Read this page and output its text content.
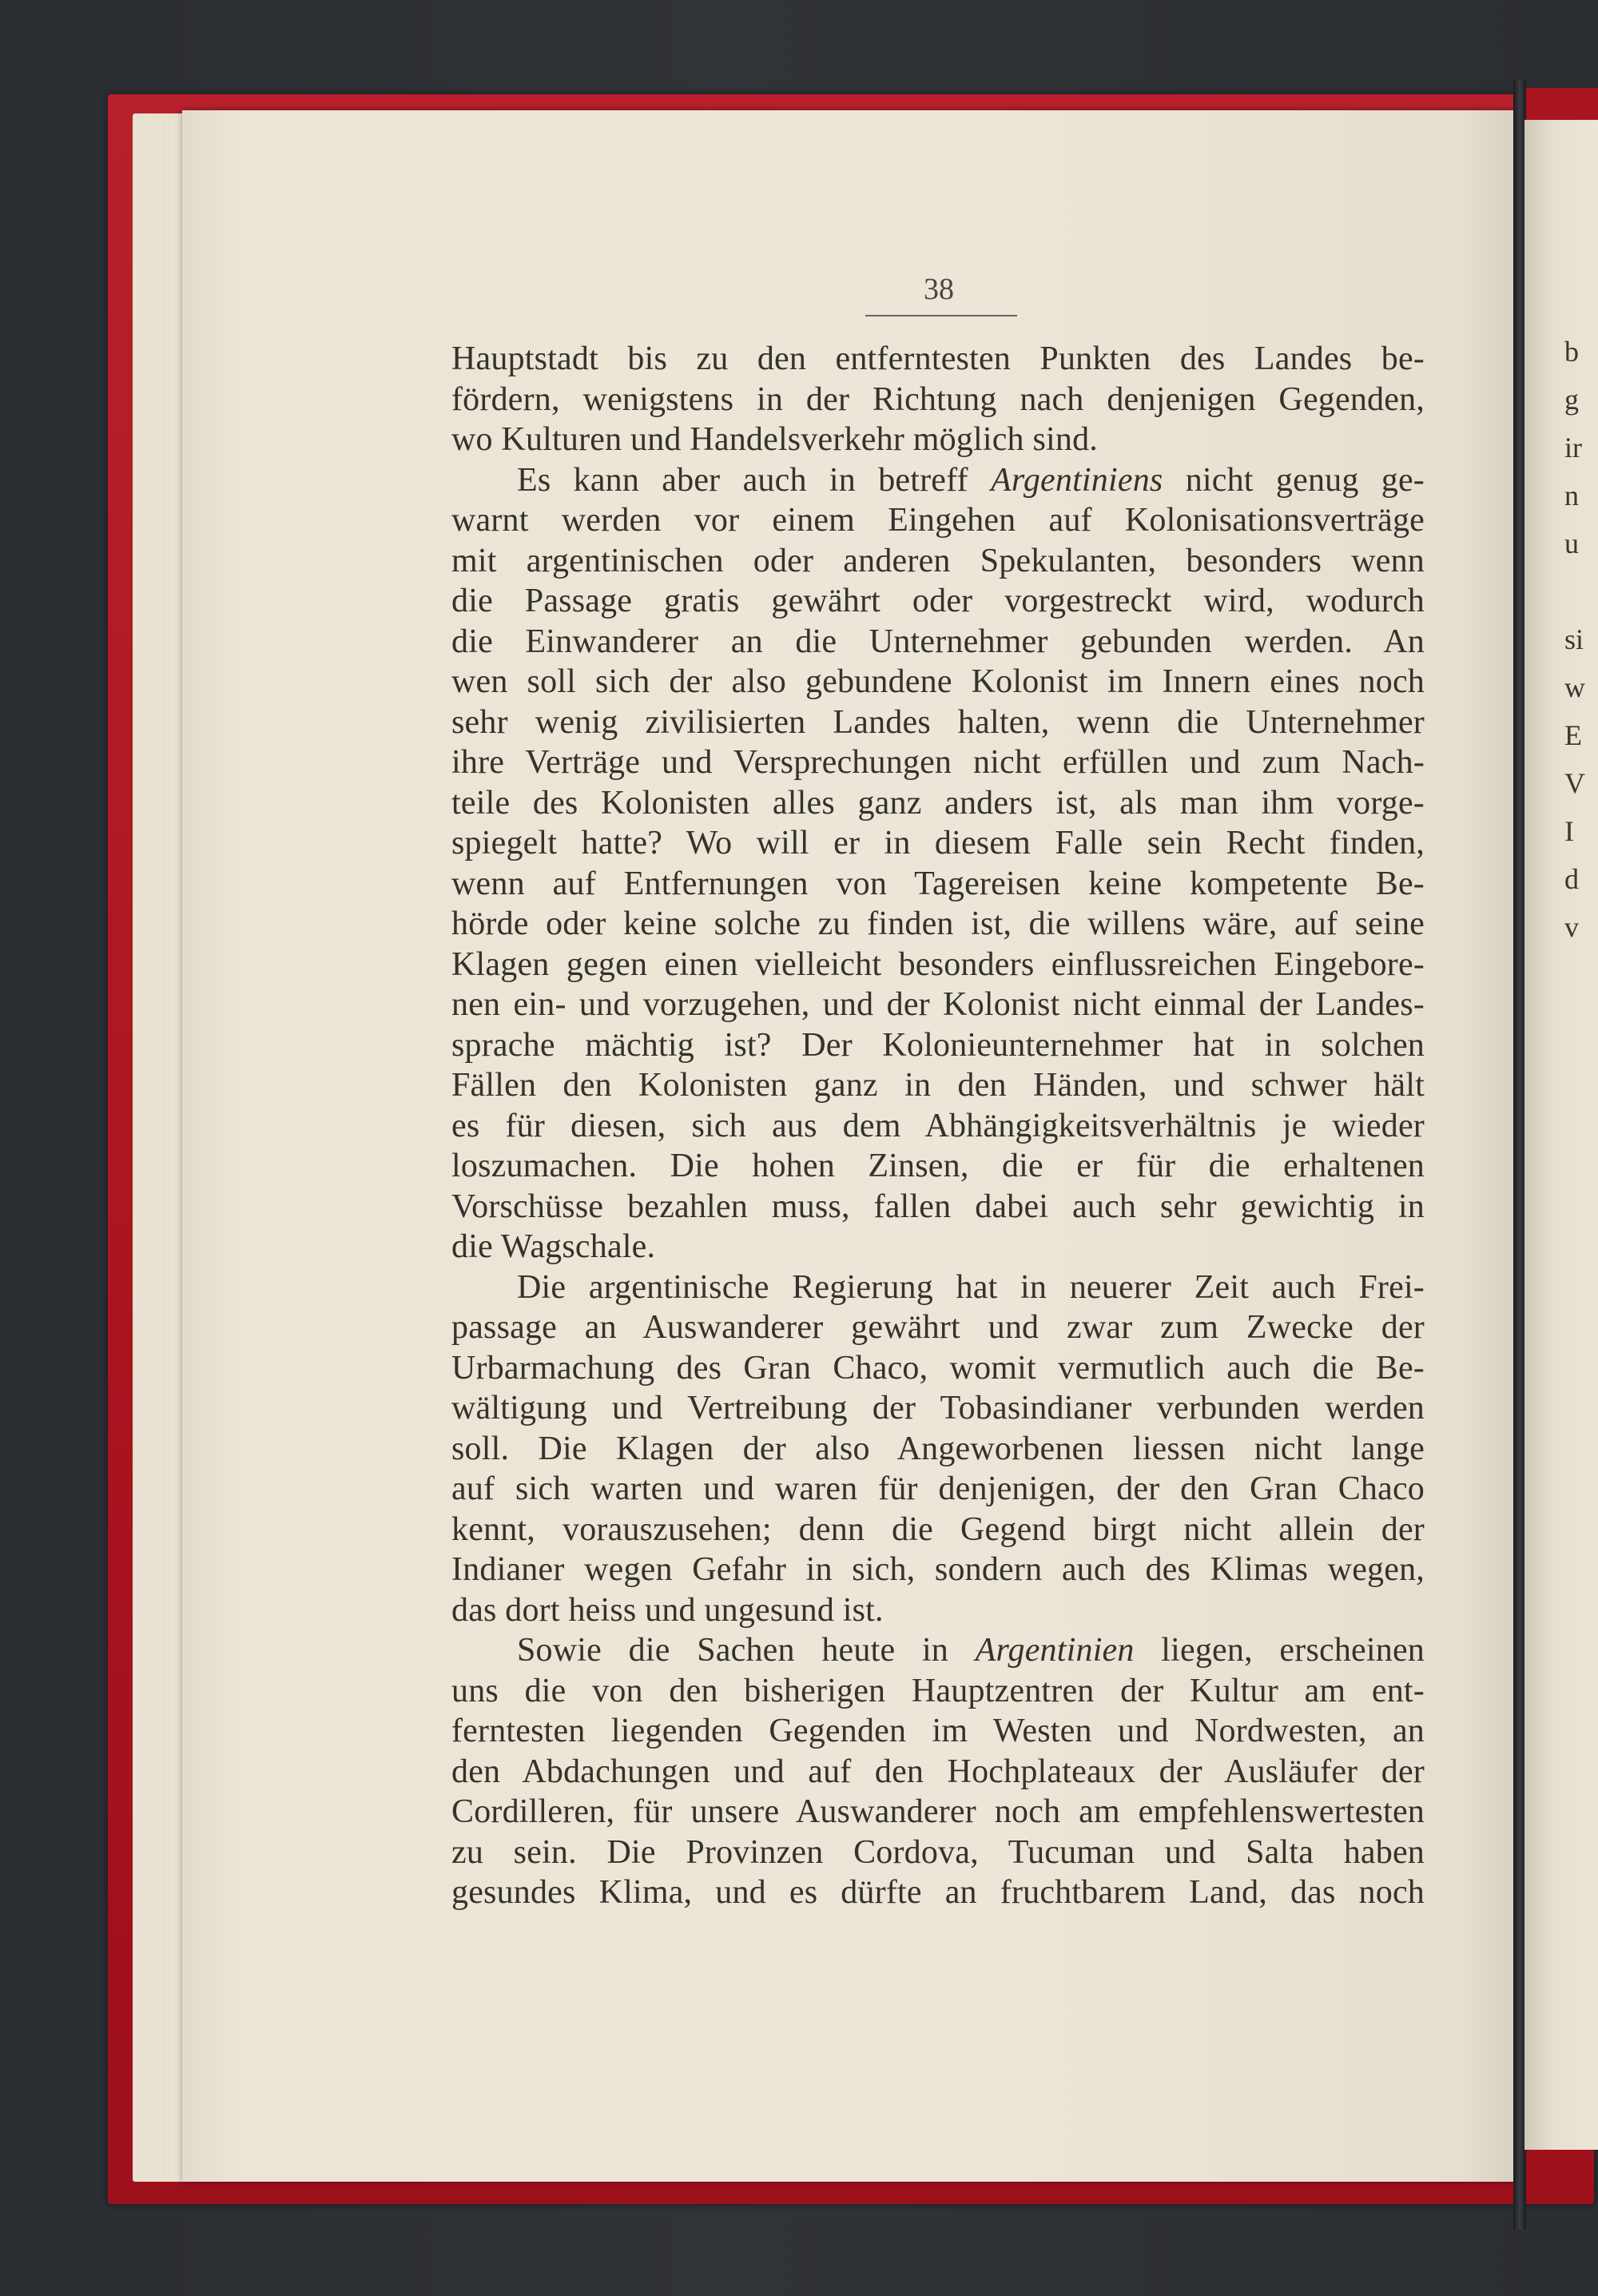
b
g
ir
n
u

si
w
E
V
I
d
v
38
Hauptstadt bis zu den entferntesten Punkten des Landes be-
fördern, wenigstens in der Richtung nach denjenigen Gegenden,
wo Kulturen und Handelsverkehr möglich sind.
Es kann aber auch in betreff Argentiniens nicht genug ge-
warnt werden vor einem Eingehen auf Kolonisationsverträge
mit argentinischen oder anderen Spekulanten, besonders wenn
die Passage gratis gewährt oder vorgestreckt wird, wodurch
die Einwanderer an die Unternehmer gebunden werden. An
wen soll sich der also gebundene Kolonist im Innern eines noch
sehr wenig zivilisierten Landes halten, wenn die Unternehmer
ihre Verträge und Versprechungen nicht erfüllen und zum Nach-
teile des Kolonisten alles ganz anders ist, als man ihm vorge-
spiegelt hatte? Wo will er in diesem Falle sein Recht finden,
wenn auf Entfernungen von Tagereisen keine kompetente Be-
hörde oder keine solche zu finden ist, die willens wäre, auf seine
Klagen gegen einen vielleicht besonders einflussreichen Eingebore-
nen ein- und vorzugehen, und der Kolonist nicht einmal der Landes-
sprache mächtig ist? Der Kolonieunternehmer hat in solchen
Fällen den Kolonisten ganz in den Händen, und schwer hält
es für diesen, sich aus dem Abhängigkeitsverhältnis je wieder
loszumachen. Die hohen Zinsen, die er für die erhaltenen
Vorschüsse bezahlen muss, fallen dabei auch sehr gewichtig in
die Wagschale.
Die argentinische Regierung hat in neuerer Zeit auch Frei-
passage an Auswanderer gewährt und zwar zum Zwecke der
Urbarmachung des Gran Chaco, womit vermutlich auch die Be-
wältigung und Vertreibung der Tobasindianer verbunden werden
soll. Die Klagen der also Angeworbenen liessen nicht lange
auf sich warten und waren für denjenigen, der den Gran Chaco
kennt, vorauszusehen; denn die Gegend birgt nicht allein der
Indianer wegen Gefahr in sich, sondern auch des Klimas wegen,
das dort heiss und ungesund ist.
Sowie die Sachen heute in Argentinien liegen, erscheinen
uns die von den bisherigen Hauptzentren der Kultur am ent-
ferntesten liegenden Gegenden im Westen und Nordwesten, an
den Abdachungen und auf den Hochplateaux der Ausläufer der
Cordilleren, für unsere Auswanderer noch am empfehlenswertesten
zu sein. Die Provinzen Cordova, Tucuman und Salta haben
gesundes Klima, und es dürfte an fruchtbarem Land, das noch
